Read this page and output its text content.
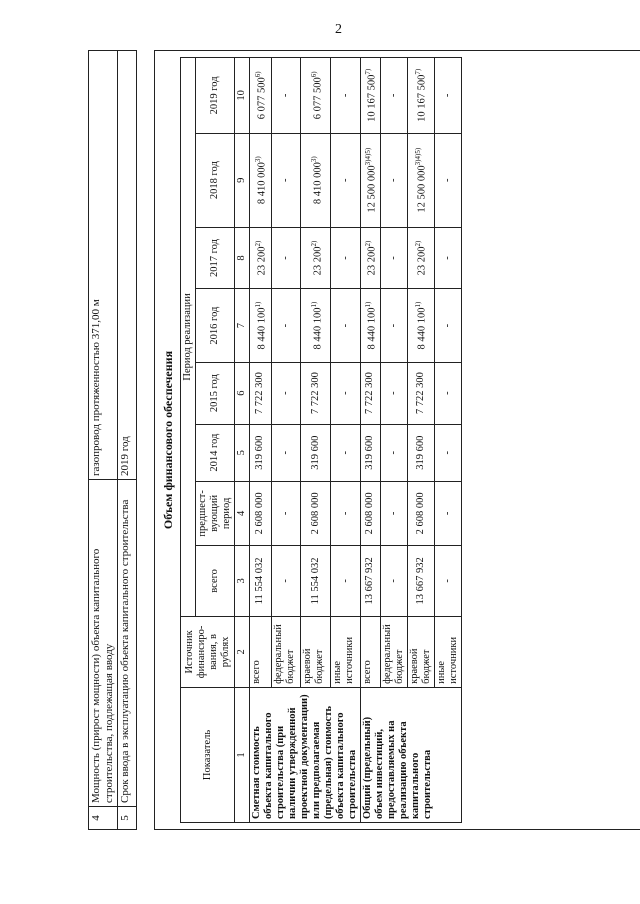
2
4	Мощность (прирост мощности) объекта капитального строительства, подлежащая вводу	газопровод протяженностью 371,00 м
5	Срок ввода в эксплуатацию объекта капитального строительства	2019 год	Объем финансового обеспечения
Показатель	Источник финансиро-вания, в рублях	Период реализации							
		всего	предшест-вующий период	2014 год	2015 год	2016 год	2017 год	2018 год	2019 год
1	2	3	4	5	6	7	8	9	10
Сметная стоимость объекта капитального строительства (при наличии утвержденной проектной документации) или предполагаемая (предельная) стоимость объекта капитального строительства	всего	11 554 032	2 608 000	319 600	7 722 300	8 440 100$^{1)}$	23 200$^{2)}$	8 410 000$^{3)}$	6 077 500$^{6)}$
	федеральный бюджет	-	-	-	-	-	-	-	-
	краевой бюджет	11 554 032	2 608 000	319 600	7 722 300	8 440 100$^{1)}$	23 200$^{2)}$	8 410 000$^{3)}$	6 077 500$^{6)}$
	иные источники	-	-	-	-	-	-	-	-
Общий (предельный) объем инвестиций, предоставляемых на реализацию объекта капитального строительства	всего	13 667 932	2 608 000	319 600	7 722 300	8 440 100$^{1)}$	23 200$^{2)}$	12 500 $000^{3)4)5)}$	10 167 500$^{7)}$
	федеральный бюджет	-	-	-	-	-	-	-	-
	краевой бюджет	13 667 932	2 608 000	319 600	7 722 300	8 440 100$^{1)}$	23 200$^{2)}$	12 500 $000^{3)4)5)}$	10 167 500$^{7)}$
	иные источники	-	-	-	-	-	-	-	-
